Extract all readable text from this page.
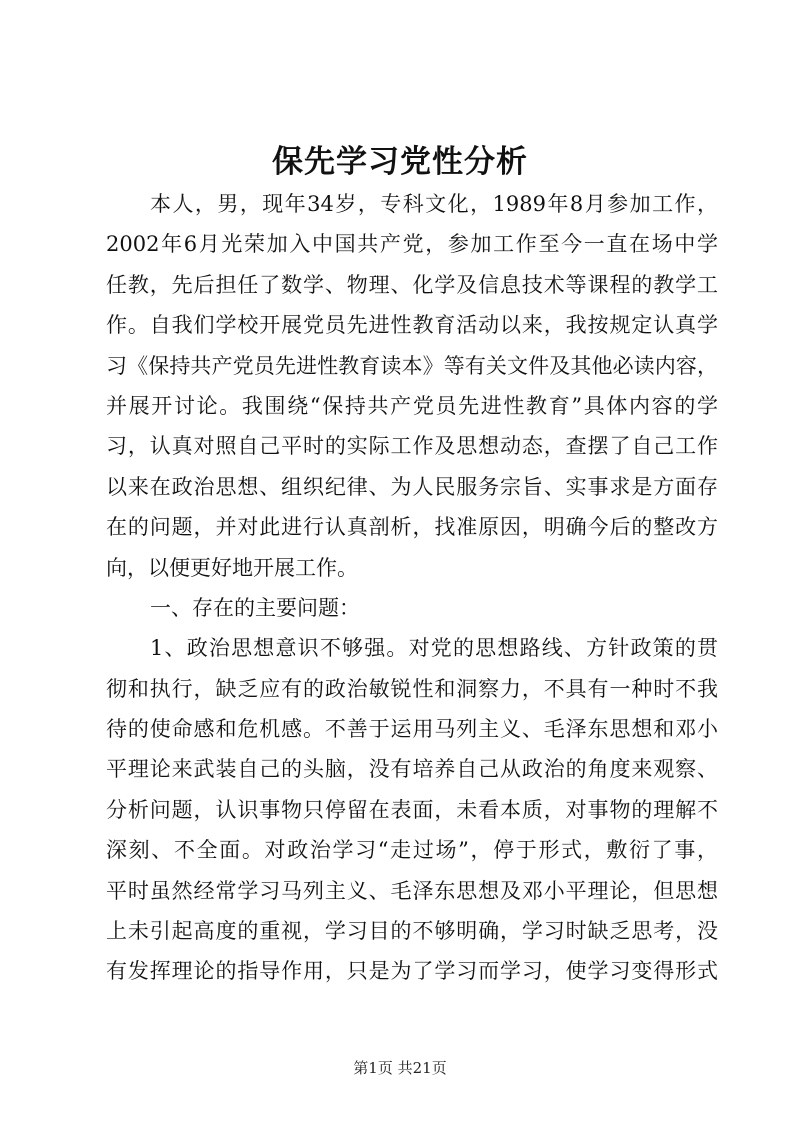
保先学习党性分析
本人，男，现年34岁，专科文化，1989年8月参加工作，
2002年6月光荣加入中国共产党，参加工作至今一直在场中学
任教，先后担任了数学、物理、化学及信息技术等课程的教学工
作。自我们学校开展党员先进性教育活动以来，我按规定认真学
习《保持共产党员先进性教育读本》等有关文件及其他必读内容，
并展开讨论。我围绕“保持共产党员先进性教育”具体内容的学
习，认真对照自己平时的实际工作及思想动态，查摆了自己工作
以来在政治思想、组织纪律、为人民服务宗旨、实事求是方面存
在的问题，并对此进行认真剖析，找准原因，明确今后的整改方
向，以便更好地开展工作。
一、存在的主要问题：
1、政治思想意识不够强。对党的思想路线、方针政策的贯
彻和执行，缺乏应有的政治敏锐性和洞察力，不具有一种时不我
待的使命感和危机感。不善于运用马列主义、毛泽东思想和邓小
平理论来武装自己的头脑，没有培养自己从政治的角度来观察、
分析问题，认识事物只停留在表面，未看本质，对事物的理解不
深刻、不全面。对政治学习“走过场”，停于形式，敷衍了事，
平时虽然经常学习马列主义、毛泽东思想及邓小平理论，但思想
上未引起高度的重视，学习目的不够明确，学习时缺乏思考，没
有发挥理论的指导作用，只是为了学习而学习，使学习变得形式
第1页 共21页
